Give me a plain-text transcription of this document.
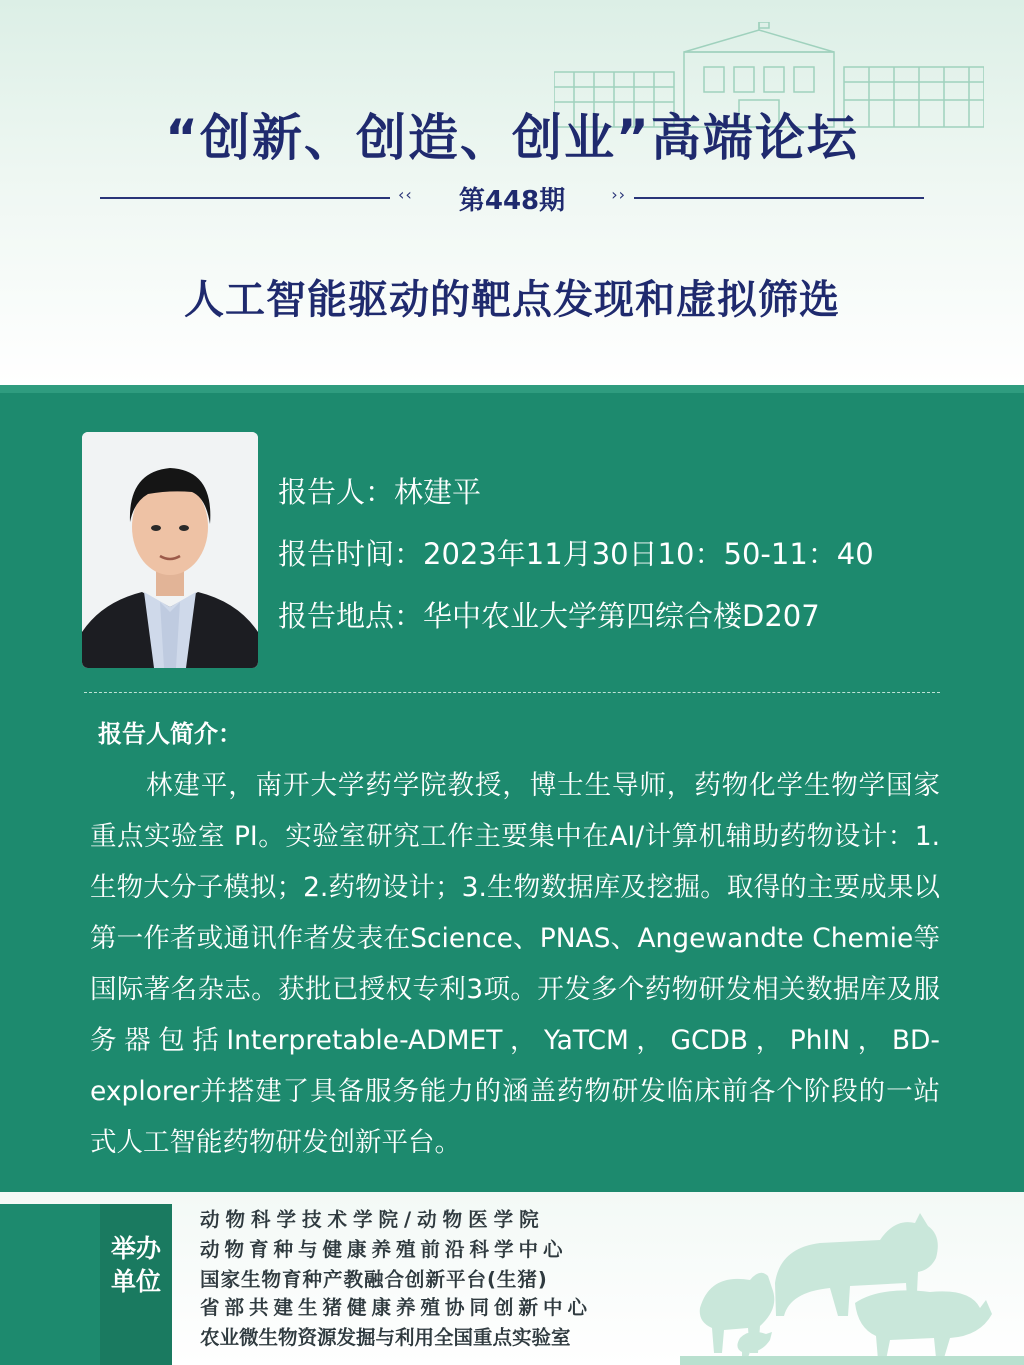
“创新、创造、创业”高端论坛
‹‹	第448期	››
人工智能驱动的靶点发现和虚拟筛选
报告人：林建平
报告时间：2023年11月30日10：50-11：40
报告地点：华中农业大学第四综合楼D207
报告人简介：
林建平，南开大学药学院教授，博士生导师，药物化学生物学国家重点实验室 PI。实验室研究工作主要集中在AI/计算机辅助药物设计：1.生物大分子模拟；2.药物设计；3.生物数据库及挖掘。取得的主要成果以第一作者或通讯作者发表在Science、PNAS、Angewandte Chemie等国际著名杂志。获批已授权专利3项。开发多个药物研发相关数据库及服务器包括Interpretable-ADMET，YaTCM，GCDB，PhIN，BD-explorer并搭建了具备服务能力的涵盖药物研发临床前各个阶段的一站式人工智能药物研发创新平台。
举办单位
动物科学技术学院/动物医学院
动物育种与健康养殖前沿科学中心
国家生物育种产教融合创新平台(生猪)
省部共建生猪健康养殖协同创新中心
农业微生物资源发掘与利用全国重点实验室
